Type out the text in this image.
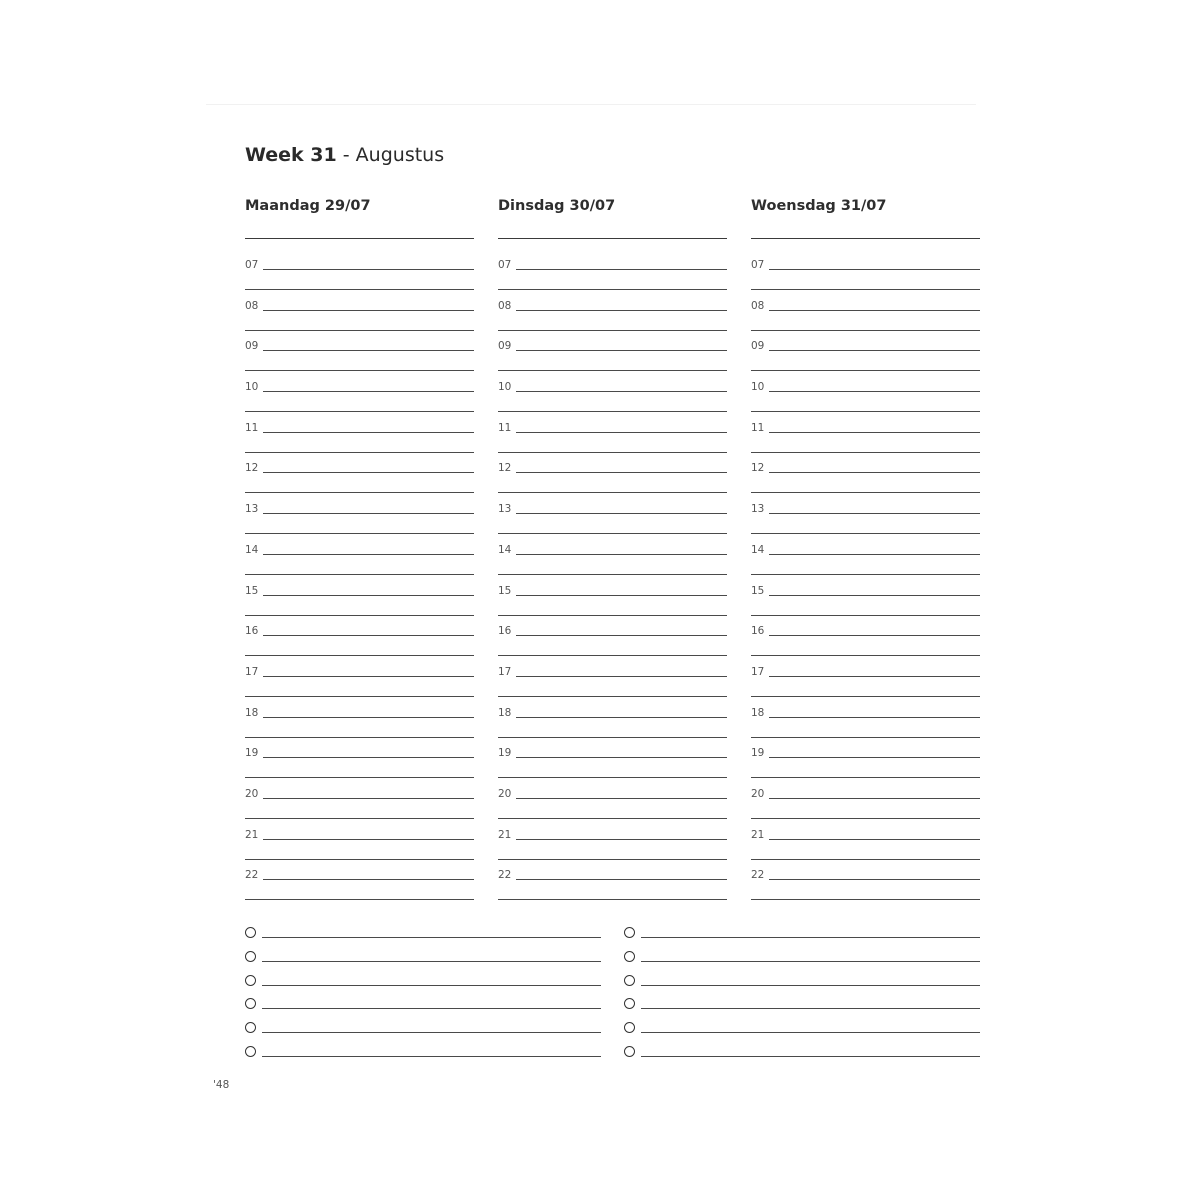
Week 31 - Augustus
Maandag 29/07
07
08
09
10
11
12
13
14
15
16
17
18
19
20
21
22
Dinsdag 30/07
07
08
09
10
11
12
13
14
15
16
17
18
19
20
21
22
Woensdag 31/07
07
08
09
10
11
12
13
14
15
16
17
18
19
20
21
22
'48
